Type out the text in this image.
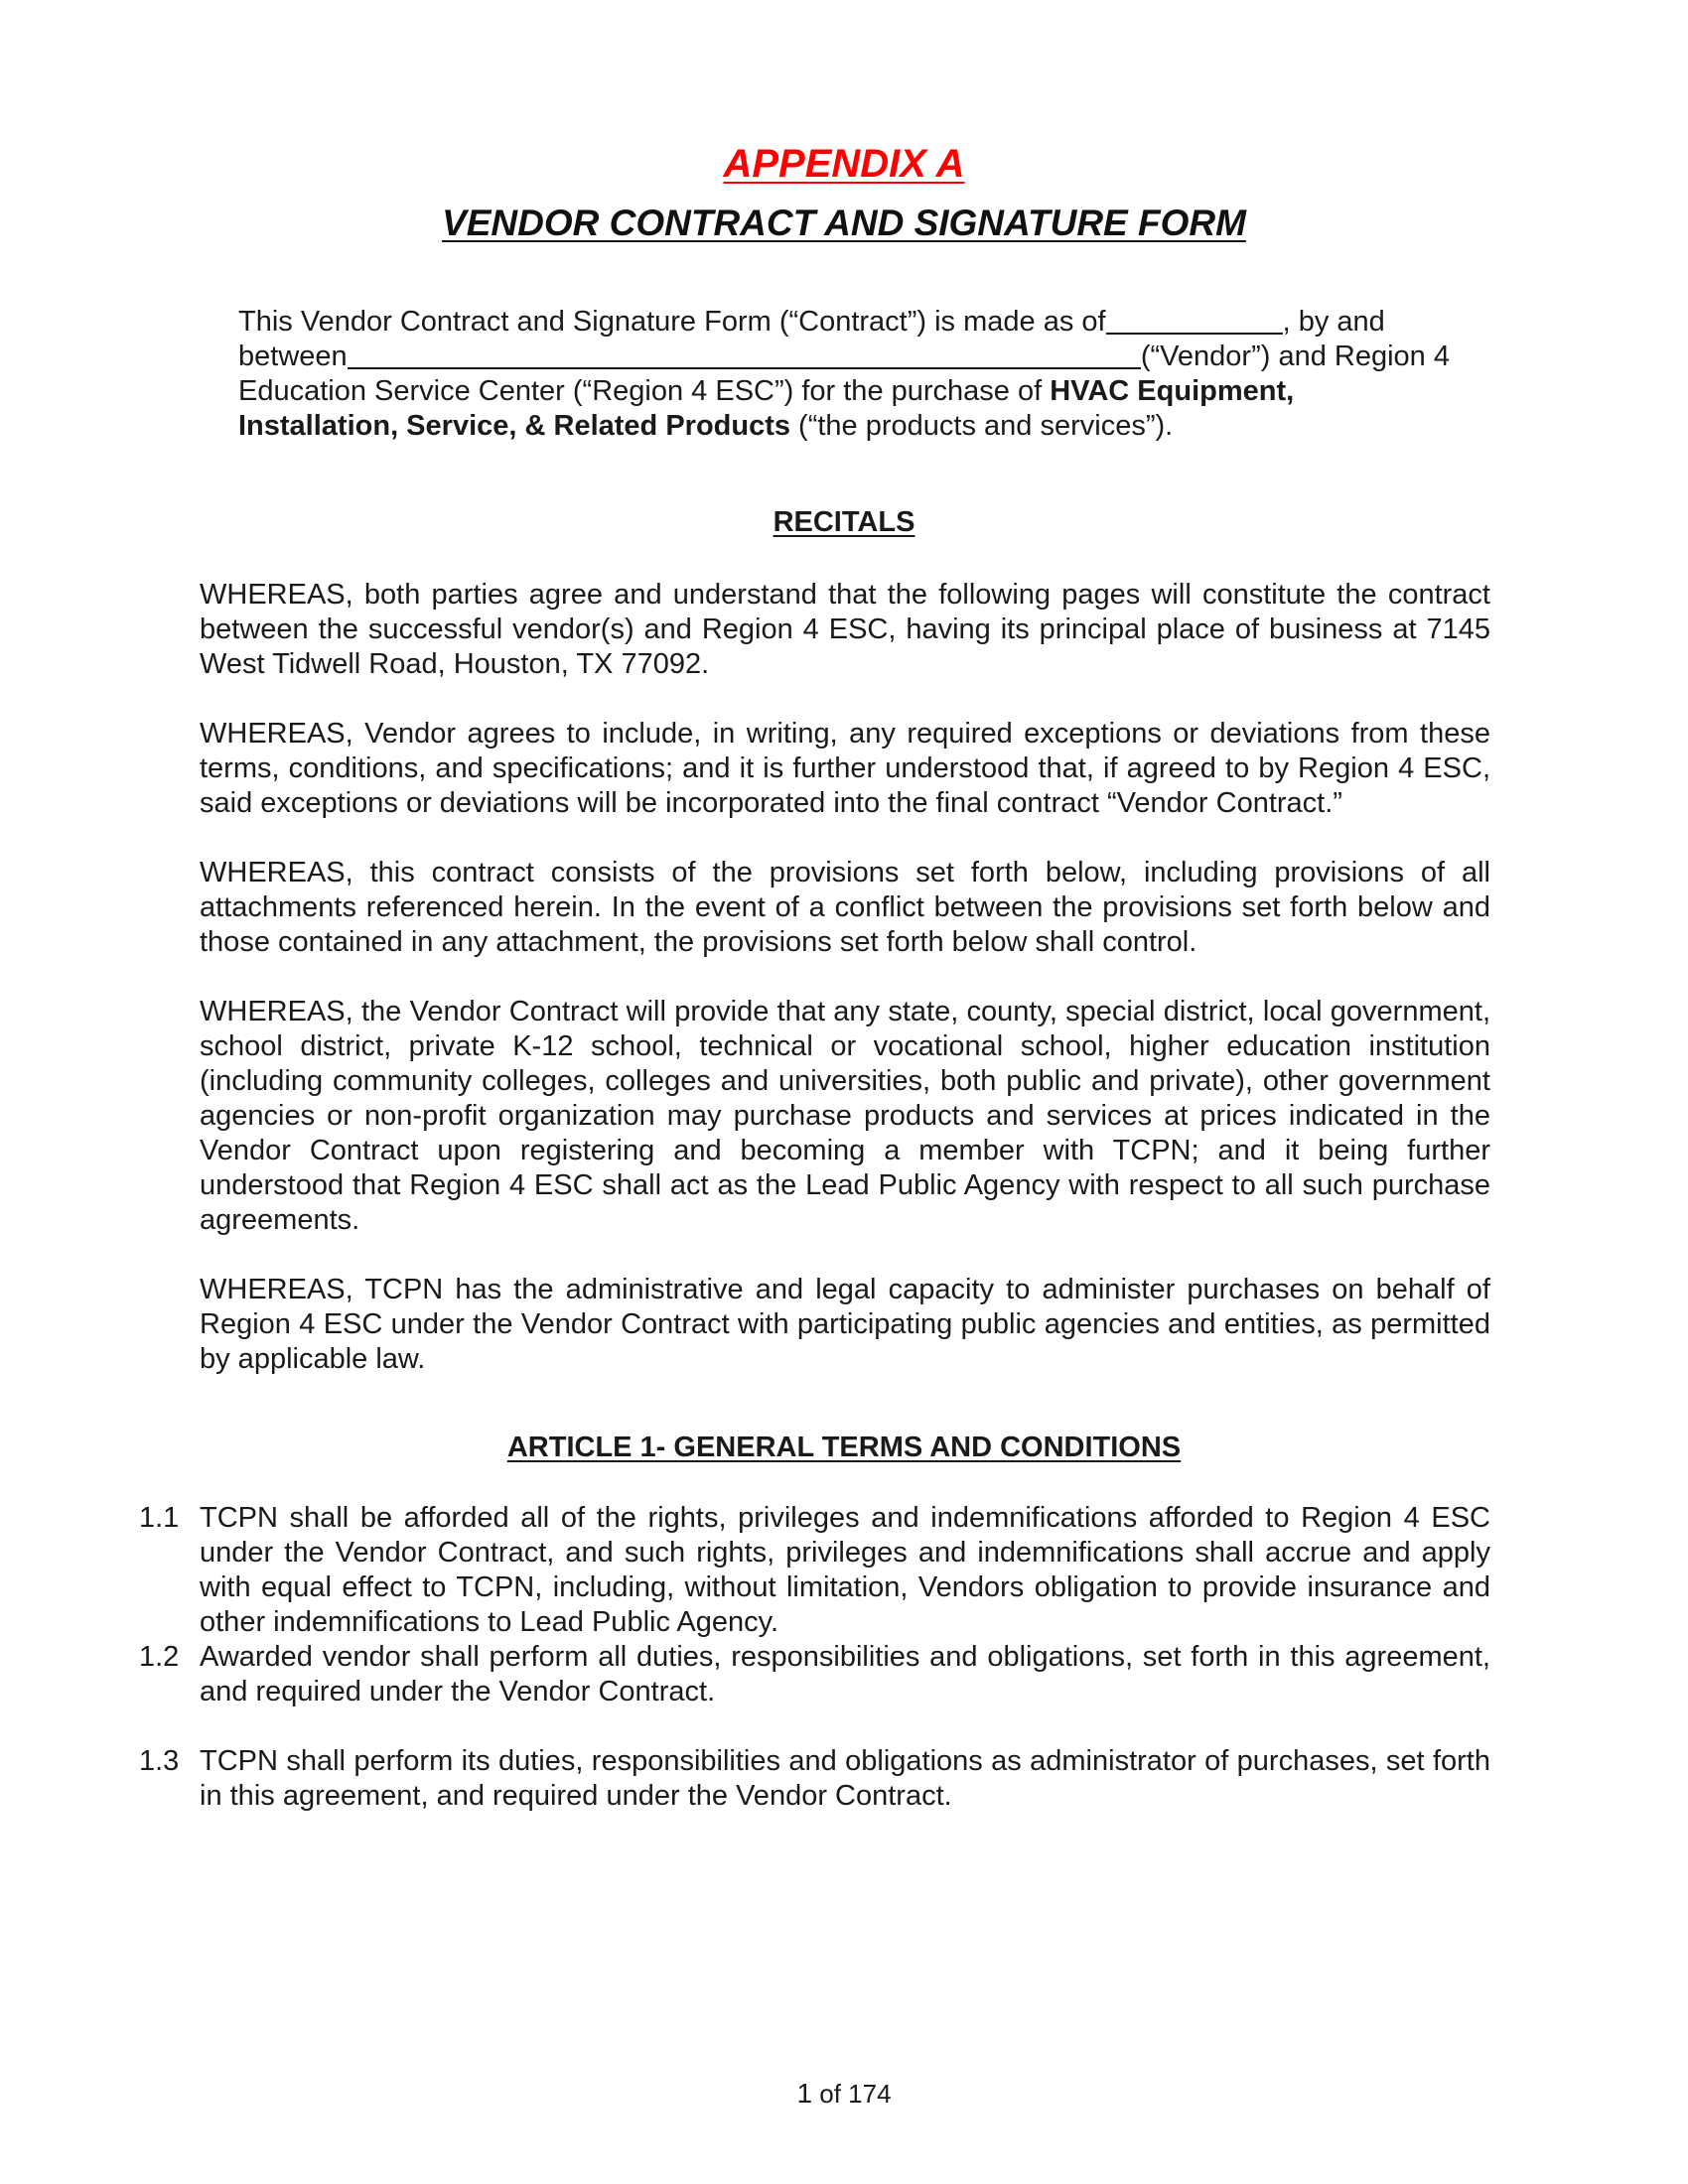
APPENDIX A
VENDOR CONTRACT AND SIGNATURE FORM
This Vendor Contract and Signature Form (“Contract”) is made as of	, by and
between	(“Vendor”) and Region 4
Education Service Center (“Region 4 ESC”) for the purchase of HVAC Equipment,
Installation, Service, & Related Products (“the products and services”).
RECITALS
WHEREAS, both parties agree and understand that the following pages will constitute the contract between the successful vendor(s) and Region 4 ESC, having its principal place of business at 7145 West Tidwell Road, Houston, TX 77092.
WHEREAS, Vendor agrees to include, in writing, any required exceptions or deviations from these terms, conditions, and specifications; and it is further understood that, if agreed to by Region 4 ESC, said exceptions or deviations will be incorporated into the final contract “Vendor Contract.”
WHEREAS, this contract consists of the provisions set forth below, including provisions of all attachments referenced herein. In the event of a conflict between the provisions set forth below and those contained in any attachment, the provisions set forth below shall control.
WHEREAS, the Vendor Contract will provide that any state, county, special district, local government, school district, private K-12 school, technical or vocational school, higher education institution (including community colleges, colleges and universities, both public and private), other government agencies or non-profit organization may purchase products and services at prices indicated in the Vendor Contract upon registering and becoming a member with TCPN; and it being further understood that Region 4 ESC shall act as the Lead Public Agency with respect to all such purchase agreements.
WHEREAS, TCPN has the administrative and legal capacity to administer purchases on behalf of Region 4 ESC under the Vendor Contract with participating public agencies and entities, as permitted by applicable law.
ARTICLE 1- GENERAL TERMS AND CONDITIONS
1.1 TCPN shall be afforded all of the rights, privileges and indemnifications afforded to Region 4 ESC under the Vendor Contract, and such rights, privileges and indemnifications shall accrue and apply with equal effect to TCPN, including, without limitation, Vendors obligation to provide insurance and other indemnifications to Lead Public Agency.
1.2 Awarded vendor shall perform all duties, responsibilities and obligations, set forth in this agreement, and required under the Vendor Contract.
1.3 TCPN shall perform its duties, responsibilities and obligations as administrator of purchases, set forth in this agreement, and required under the Vendor Contract.
1 of 174
